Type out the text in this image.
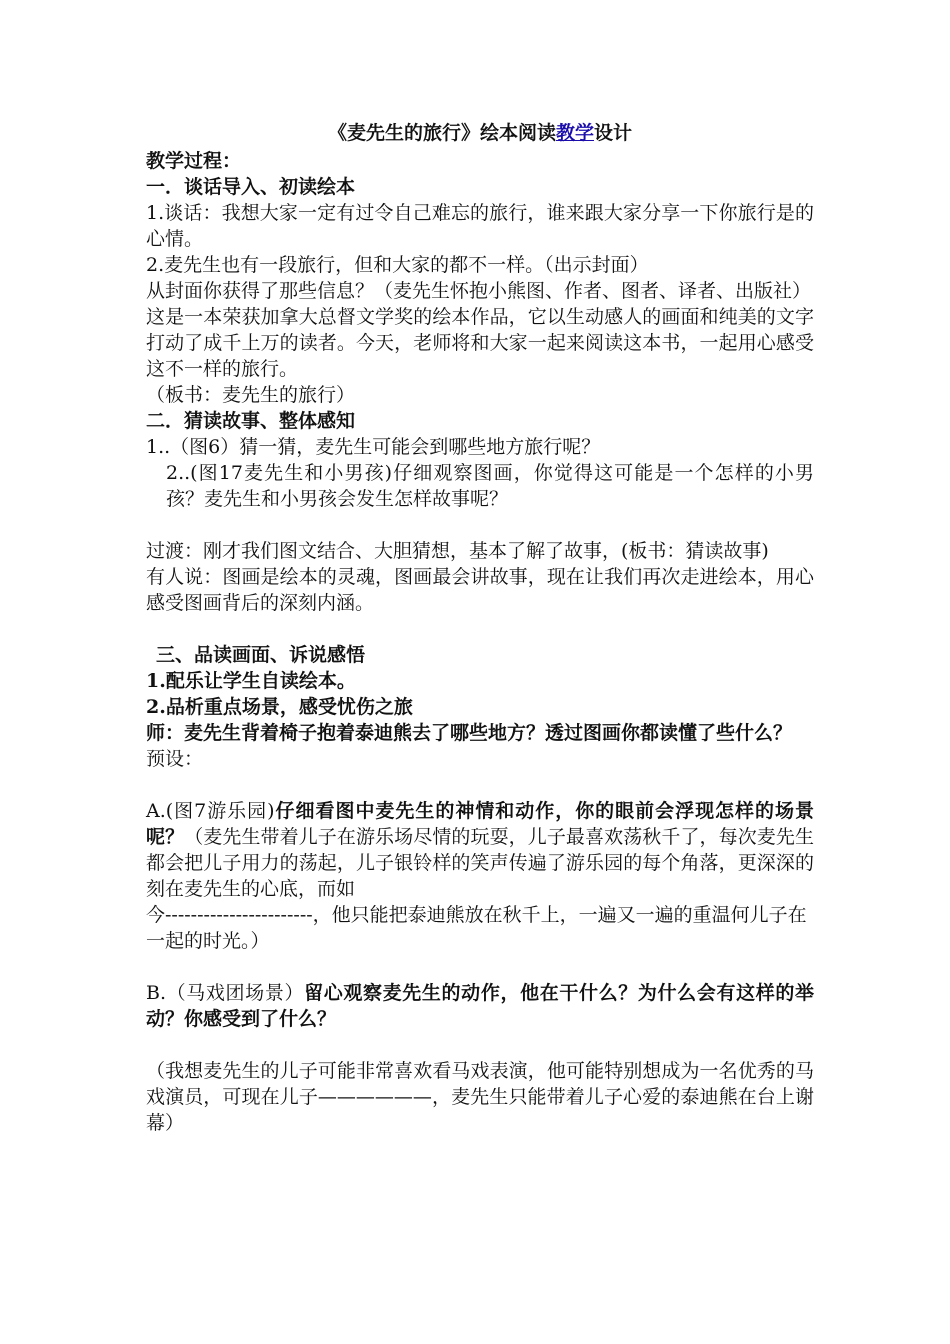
《麦先生的旅行》绘本阅读教学设计

教学过程：

一．谈话导入、初读绘本

1.谈话：我想大家一定有过令自己难忘的旅行，谁来跟大家分享一下你旅行是的心情。

2.麦先生也有一段旅行，但和大家的都不一样。（出示封面）

从封面你获得了那些信息？（麦先生怀抱小熊图、作者、图者、译者、出版社）

这是一本荣获加拿大总督文学奖的绘本作品，它以生动感人的画面和纯美的文字打动了成千上万的读者。今天，老师将和大家一起来阅读这本书，一起用心感受这不一样的旅行。

（板书：麦先生的旅行）

二．猜读故事、整体感知

1..（图6）猜一猜，麦先生可能会到哪些地方旅行呢？

2..(图17麦先生和小男孩)仔细观察图画，你觉得这可能是一个怎样的小男孩？麦先生和小男孩会发生怎样故事呢？

过渡：刚才我们图文结合、大胆猜想，基本了解了故事，(板书：猜读故事)

有人说：图画是绘本的灵魂，图画最会讲故事，现在让我们再次走进绘本，用心感受图画背后的深刻内涵。

三、品读画面、诉说感悟

1.配乐让学生自读绘本。

2.品析重点场景，感受忧伤之旅

师：麦先生背着椅子抱着泰迪熊去了哪些地方？透过图画你都读懂了些什么？

预设：

A.(图7游乐园)仔细看图中麦先生的神情和动作，你的眼前会浮现怎样的场景呢？（麦先生带着儿子在游乐场尽情的玩耍，儿子最喜欢荡秋千了，每次麦先生都会把儿子用力的荡起，儿子银铃样的笑声传遍了游乐园的每个角落，更深深的刻在麦先生的心底，而如

今-----------------------，他只能把泰迪熊放在秋千上，一遍又一遍的重温何儿子在一起的时光。）

B.（马戏团场景）留心观察麦先生的动作，他在干什么？为什么会有这样的举动？你感受到了什么？

（我想麦先生的儿子可能非常喜欢看马戏表演，他可能特别想成为一名优秀的马戏演员，可现在儿子——————，麦先生只能带着儿子心爱的泰迪熊在台上谢幕）
